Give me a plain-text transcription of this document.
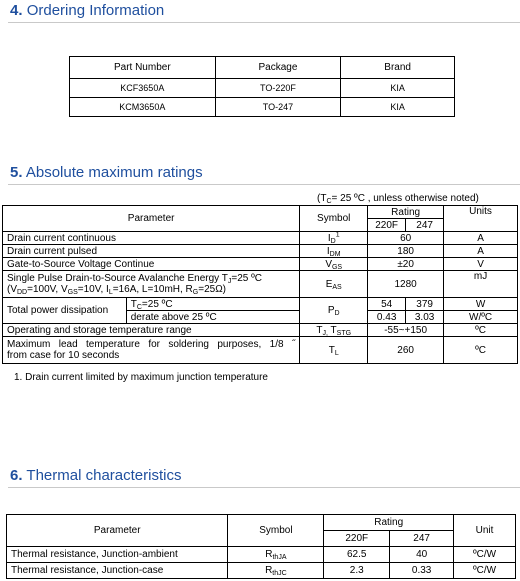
4. Ordering Information
Part Number	Package	Brand
KCF3650A	TO-220F	KIA
KCM3650A	TO-247	KIA
5. Absolute maximum ratings
($T_C= 25$ ºC , unless otherwise noted)
Parameter		Symbol	Rating		Units
			220F	247	
Drain current continuous		$I_D^1$	60		A
Drain current pulsed		$I_{DM}$	180		A
Gate-to-Source Voltage Continue		$V_{GS}$	±20		V

Single Pulse Drain-to-Source Avalanche Energy $T_J=25$ ºC
($V_{DD}=100V$, $V_{GS}=10V$, $I_L=16A$, L=10mH, $R_G=25\Omega$)		$E_{AS}$	1280		mJ
Total power dissipation	$T_C=25$ ºC	$P_D$	54	379	W
	derate above 25 ºC		0.43	3.03	W/ºC
Operating and storage temperature range		$T_{J,}$ $T_{STG}$	-55~+150		ºC

Maximum lead temperature for soldering purposes, 1/8 ˝
from case for 10 seconds		$T_L$	260		ºC
1. Drain current limited by maximum junction temperature
6. Thermal characteristics
Parameter	Symbol	Rating		Unit
		220F	247	
Thermal resistance, Junction-ambient	$R_{thJA}$	62.5	40	ºC/W
Thermal resistance, Junction-case	$R_{thJC}$	2.3	0.33	ºC/W
